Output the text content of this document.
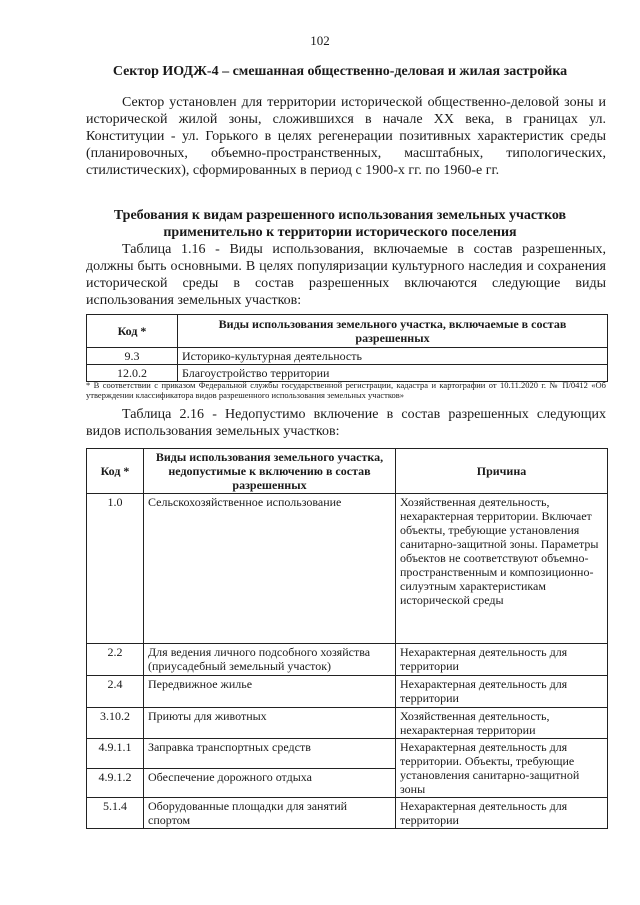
102
Сектор ИОДЖ-4 – смешанная общественно-деловая и жилая застройка
Сектор установлен для территории исторической общественно-деловой зоны и исторической жилой зоны, сложившихся в начале XX века, в границах ул. Конституции - ул. Горького в целях регенерации позитивных характеристик среды (планировочных, объемно-пространственных, масштабных, типологических, стилистических), сформированных в период с 1900-х гг. по 1960-е гг.
Требования к видам разрешенного использования земельных участков применительно к территории исторического поселения
Таблица 1.16 - Виды использования, включаемые в состав разрешенных, должны быть основными. В целях популяризации культурного наследия и сохранения исторической среды в состав разрешенных включаются следующие виды использования земельных участков:
Код *	Виды использования земельного участка, включаемые в состав разрешенных
9.3	Историко-культурная деятельность
12.0.2	Благоустройство территории
* В соответствии с приказом Федеральной службы государственной регистрации, кадастра и картографии от 10.11.2020 г. № П/0412 «Об утверждении классификатора видов разрешенного использования земельных участков»
Таблица 2.16 - Недопустимо включение в состав разрешенных следующих видов использования земельных участков:
Код *	Виды использования земельного участка, недопустимые к включению в состав разрешенных	Причина
1.0	Сельскохозяйственное использование	Хозяйственная деятельность, нехарактерная территории. Включает объекты, требующие установления санитарно-защитной зоны. Параметры объектов не соответствуют объемно-пространственным и композиционно-силуэтным характеристикам исторической среды
2.2	Для ведения личного подсобного хозяйства (приусадебный земельный участок)	Нехарактерная деятельность для территории
2.4	Передвижное жилье	Нехарактерная деятельность для территории
3.10.2	Приюты для животных	Хозяйственная деятельность, нехарактерная территории
4.9.1.1	Заправка транспортных средств	Нехарактерная деятельность для территории. Объекты, требующие установления санитарно-защитной зоны
4.9.1.2	Обеспечение дорожного отдыха	
5.1.4	Оборудованные площадки для занятий спортом	Нехарактерная деятельность для территории
